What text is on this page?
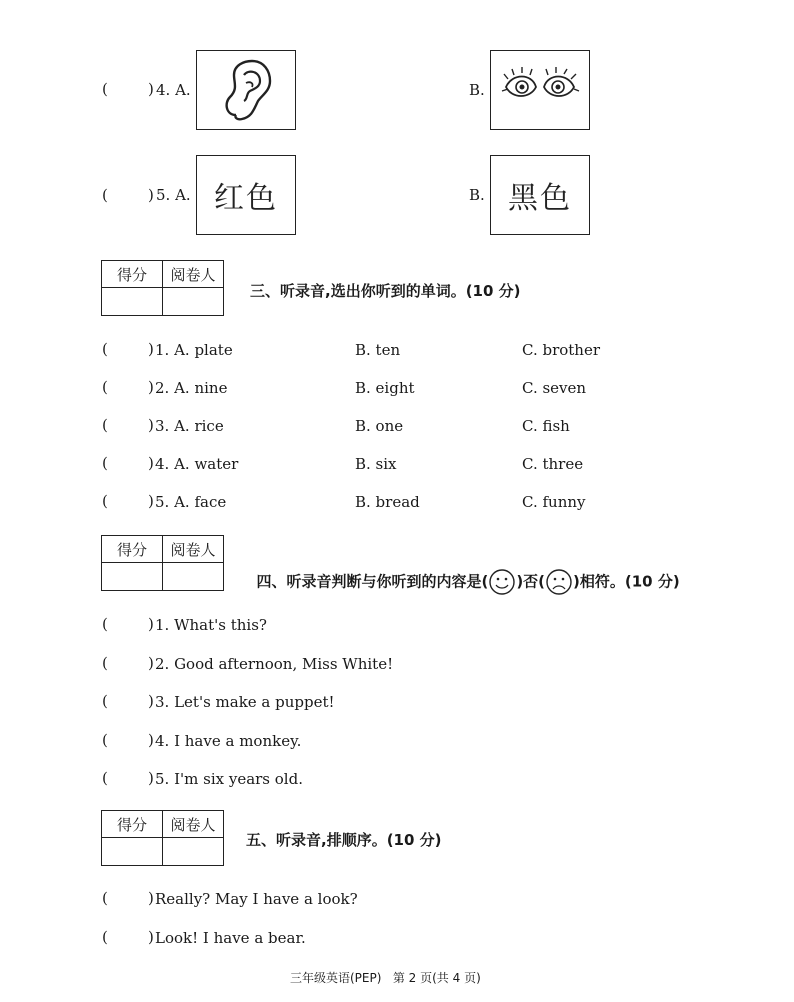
(	) 4. A.	B.
(	) 5. A. 红色	B. 黑色
得分	阅卷人

三、听录音,选出你听到的单词。(10 分)
(	) 1. A. plate	B. ten	C. brother
(	) 2. A. nine	B. eight	C. seven
(	) 3. A. rice	B. one	C. fish
(	) 4. A. water	B. six	C. three
(	) 5. A. face	B. bread	C. funny
得分	阅卷人

四、听录音判断与你听到的内容是( )否( )相符。(10 分)

(	) 1. What's this?
(	) 2. Good afternoon, Miss White!
(	) 3. Let's make a puppet!
(	) 4. I have a monkey.
(	) 5. I'm six years old.
得分	阅卷人

五、听录音,排顺序。(10 分)
(	) Really? May I have a look?
(	) Look! I have a bear.
三年级英语(PEP)   第 2 页(共 4 页)
